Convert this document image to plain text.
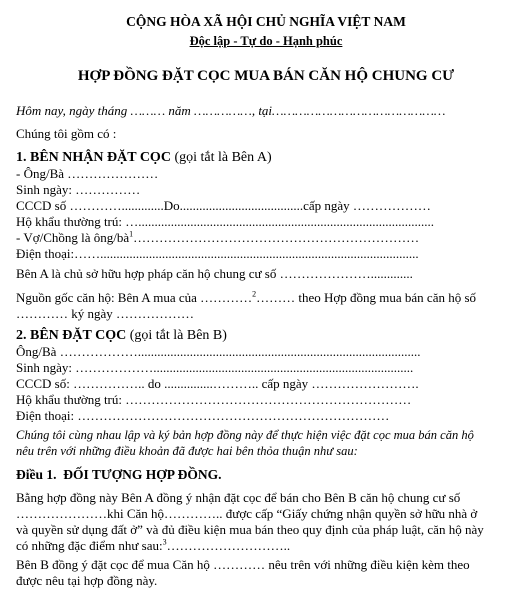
CỘNG HÒA XÃ HỘI CHỦ NGHĨA VIỆT NAM
Độc lập - Tự do - Hạnh phúc
HỢP ĐỒNG ĐẶT CỌC MUA BÁN CĂN HỘ CHUNG CƯ
Hôm nay, ngày tháng ……… năm ……………, tại………………………………………
Chúng tôi gồm có :
1. BÊN NHẬN ĐẶT CỌC (gọi tắt là Bên A)
- Ông/Bà …………………
Sinh ngày: ……………
CCCD số ………….............Do......................................cấp ngày ………………
Hộ khẩu thường trú: …...........................................................................................
- Vợ/Chồng là ông/$bà^1\dots\dots\dots\dots\dots\dots\dots\dots\dots\dots\dots\dots\dots\dots\dots\dots\dots\dots\dots\dots\dots\dots$
Điện thoại:……..................................................................................................
Bên A là chủ sở hữu hợp pháp căn hộ chung cư số ………………….............
Nguồn gốc căn hộ: Bên A mua của …………$^2$……… theo Hợp đồng mua bán căn hộ số
………… ký ngày ………………
2. BÊN ĐẶT CỌC (gọi tắt là Bên B)
Ông/Bà ……………….......................................................................................
Sinh ngày: ………………................................................................................
CCCD số: …………….. do ...............……….. cấp ngày …………………….
Hộ khẩu thường trú: …………………………………………………………
Điện thoại: ………………………………………………………………
Chúng tôi cùng nhau lập và ký bản hợp đồng này để thực hiện việc đặt cọc mua bán căn hộ
nêu trên với những điều khoản đã được hai bên thỏa thuận như sau:
Điều 1. ĐỐI TƯỢNG HỢP ĐỒNG.
Bằng hợp đồng này Bên A đồng ý nhận đặt cọc để bán cho Bên B căn hộ chung cư số
…………………khi Căn hộ………….. được cấp “Giấy chứng nhận quyền sở hữu nhà ở
và quyền sử dụng đất ở” và đủ điều kiện mua bán theo quy định của pháp luật, căn hộ này
có những đặc điểm như sau:$^3$………………………..
Bên B đồng ý đặt cọc để mua Căn hộ ………… nêu trên với những điều kiện kèm theo
được nêu tại hợp đồng này.
